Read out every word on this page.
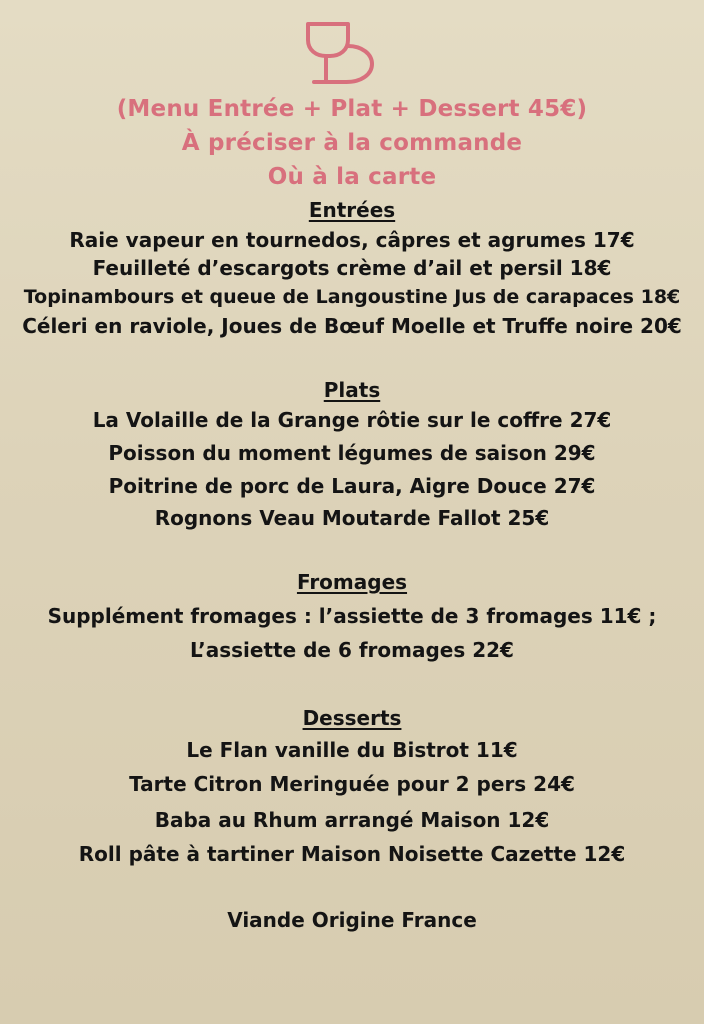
(Menu Entrée + Plat + Dessert 45€)
À préciser à la commande
Où à la carte
Entrées
Raie vapeur en tournedos, câpres et agrumes 17€
Feuilleté d’escargots crème d’ail et persil 18€
Topinambours et queue de Langoustine Jus de carapaces 18€
Céleri en raviole, Joues de Bœuf Moelle et Truffe noire 20€
Plats
La Volaille de la Grange rôtie sur le coffre 27€
Poisson du moment légumes de saison 29€
Poitrine de porc de Laura, Aigre Douce 27€
Rognons Veau Moutarde Fallot 25€
Fromages
Supplément fromages : l’assiette de 3 fromages 11€ ;
L’assiette de 6 fromages 22€
Desserts
Le Flan vanille du Bistrot 11€
Tarte Citron Meringuée pour 2 pers 24€
Baba au Rhum arrangé Maison 12€
Roll pâte à tartiner Maison Noisette Cazette 12€
Viande Origine France
